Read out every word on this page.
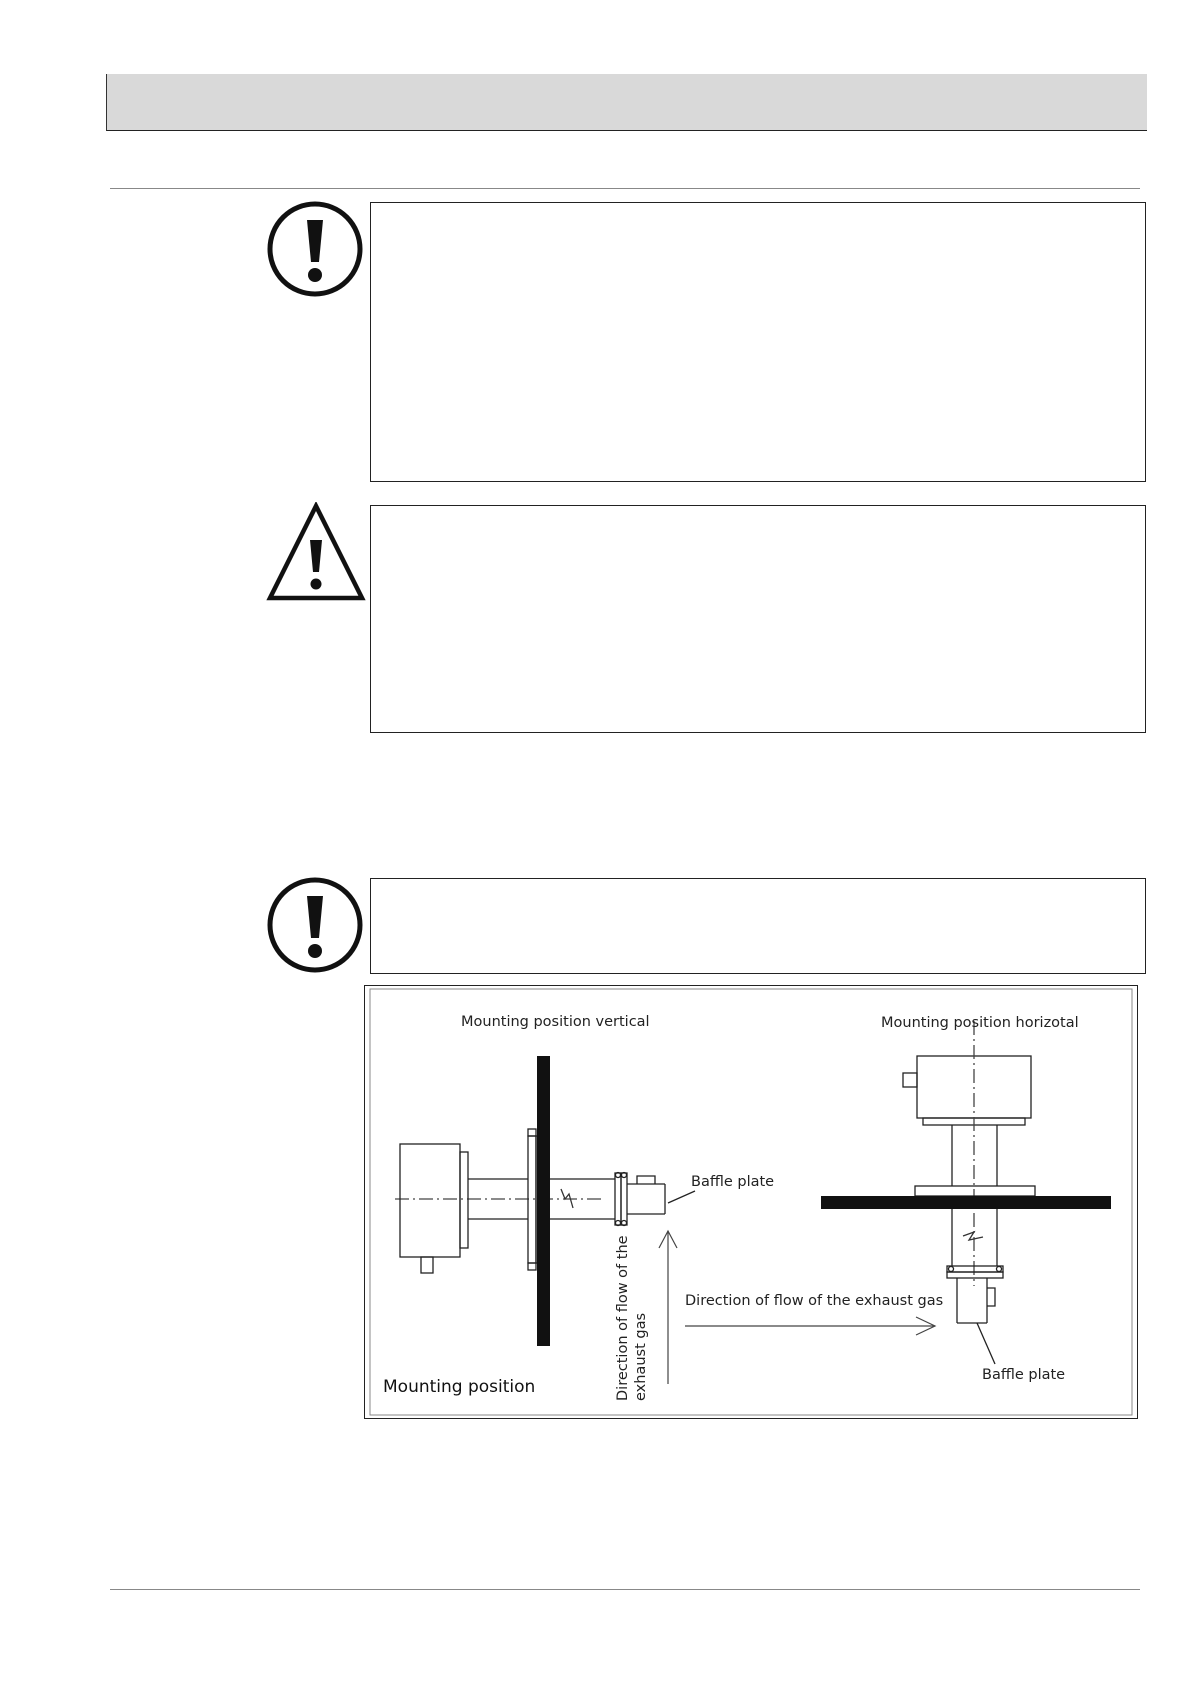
Mounting position vertical	Mounting position horizotal
Baffle plate
Direction of flow of the exhaust gas
Baffle plate
Direction of flow of the exhaust gas
Mounting position
